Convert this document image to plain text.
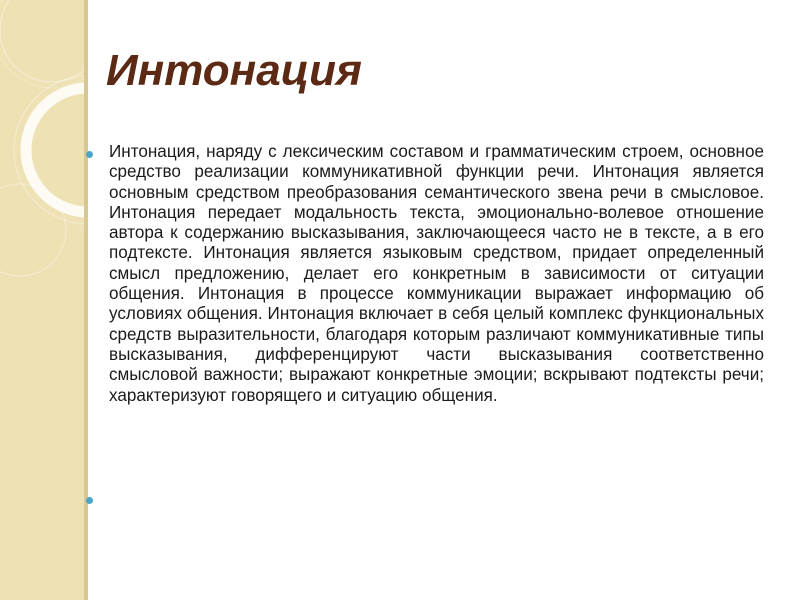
Интонация

Интонация, наряду с лексическим составом и грамматическим строем, основное средство реализации коммуникативной функции речи. Интонация является основным средством преобразования семантического звена речи в смысловое. Интонация передает модальность текста, эмоционально-волевое отношение автора к содержанию высказывания, заключающееся часто не в тексте, а в его подтексте. Интонация является языковым средством, придает определенный смысл предложению, делает его конкретным в зависимости от ситуации общения. Интонация в процессе коммуникации выражает информацию об условиях общения. Интонация включает в себя целый комплекс функциональных средств выразительности, благодаря которым различают коммуникативные типы высказывания, дифференцируют части высказывания соответственно смысловой важности; выражают конкретные эмоции; вскрывают подтексты речи; характеризуют говорящего и ситуацию общения.
